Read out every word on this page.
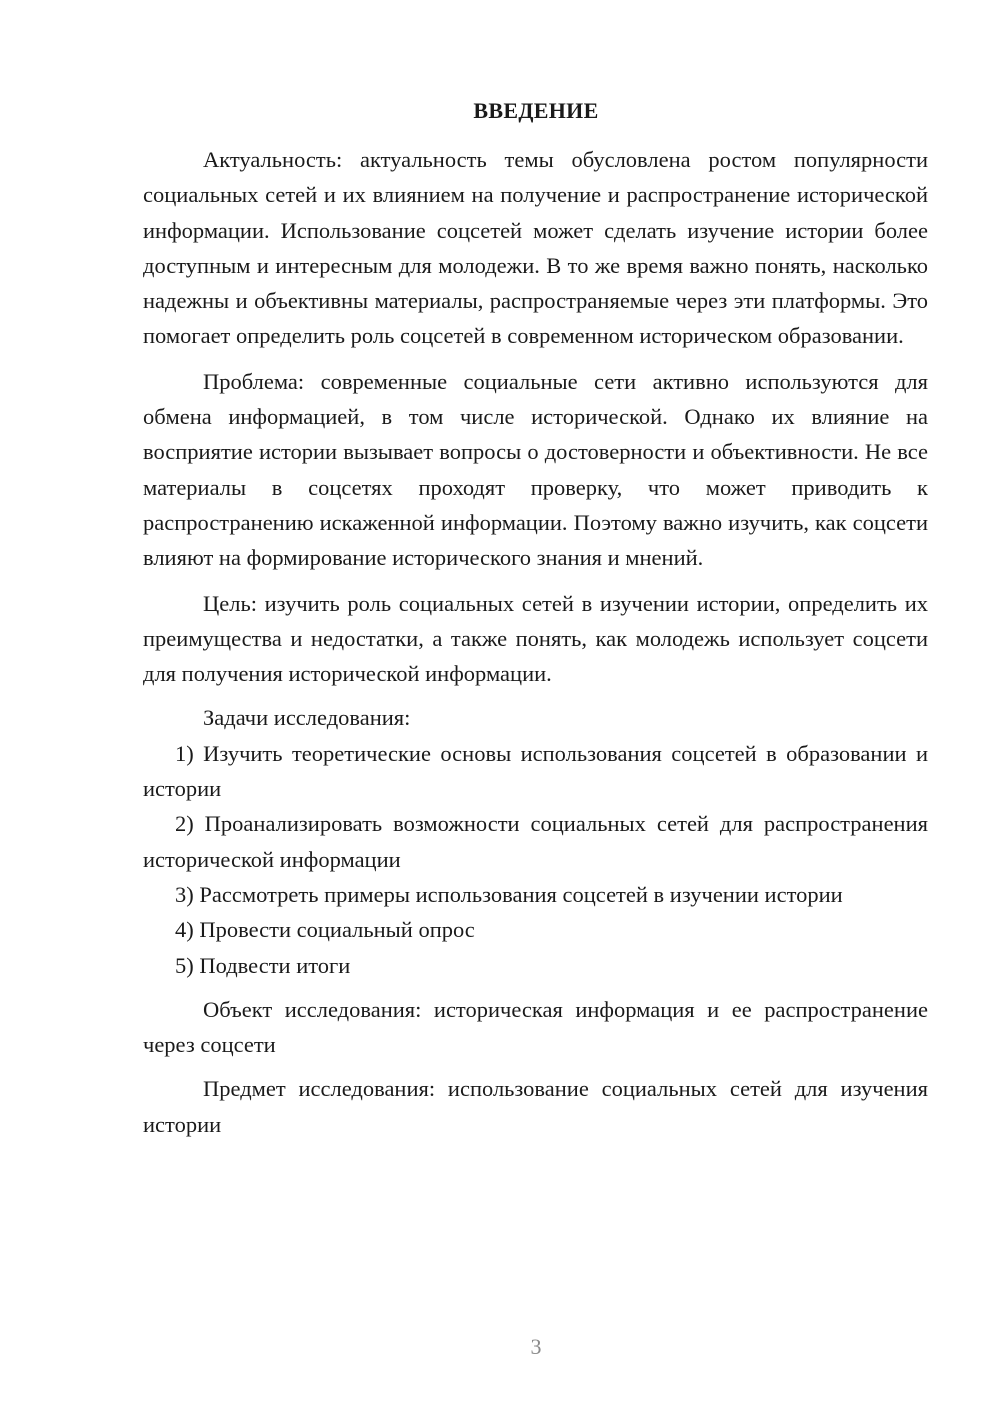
ВВЕДЕНИЕ

Актуальность: актуальность темы обусловлена ростом популярности социальных сетей и их влиянием на получение и распространение исторической информации. Использование соцсетей может сделать изучение истории более доступным и интересным для молодежи. В то же время важно понять, насколько надежны и объективны материалы, распространяемые через эти платформы. Это помогает определить роль соцсетей в современном историческом образовании.

Проблема: современные социальные сети активно используются для обмена информацией, в том числе исторической. Однако их влияние на восприятие истории вызывает вопросы о достоверности и объективности. Не все материалы в соцсетях проходят проверку, что может приводить к распространению искаженной информации. Поэтому важно изучить, как соцсети влияют на формирование исторического знания и мнений.

Цель: изучить роль социальных сетей в изучении истории, определить их преимущества и недостатки, а также понять, как молодежь использует соцсети для получения исторической информации.

Задачи исследования:

1) Изучить теоретические основы использования соцсетей в образовании и истории

2) Проанализировать возможности социальных сетей для распространения исторической информации

3) Рассмотреть примеры использования соцсетей в изучении истории

4) Провести социальный опрос

5) Подвести итоги

Объект исследования: историческая информация и ее распространение через соцсети

Предмет исследования: использование социальных сетей для изучения истории

3
